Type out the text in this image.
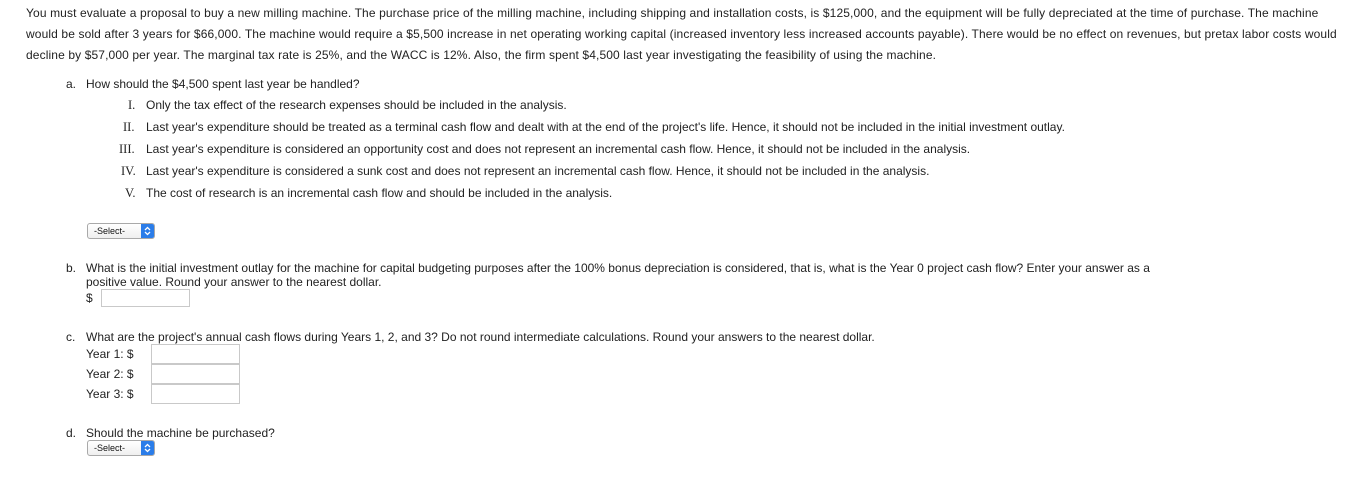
You must evaluate a proposal to buy a new milling machine. The purchase price of the milling machine, including shipping and installation costs, is $125,000, and the equipment will be fully depreciated at the time of purchase. The machine would be sold after 3 years for $66,000. The machine would require a $5,500 increase in net operating working capital (increased inventory less increased accounts payable). There would be no effect on revenues, but pretax labor costs would decline by $57,000 per year. The marginal tax rate is 25%, and the WACC is 12%. Also, the firm spent $4,500 last year investigating the feasibility of using the machine.

a. How should the $4,500 spent last year be handled?
I. Only the tax effect of the research expenses should be included in the analysis.
II. Last year's expenditure should be treated as a terminal cash flow and dealt with at the end of the project's life. Hence, it should not be included in the initial investment outlay.
III. Last year's expenditure is considered an opportunity cost and does not represent an incremental cash flow. Hence, it should not be included in the analysis.
IV. Last year's expenditure is considered a sunk cost and does not represent an incremental cash flow. Hence, it should not be included in the analysis.
V. The cost of research is an incremental cash flow and should be included in the analysis.
-Select-
b. What is the initial investment outlay for the machine for capital budgeting purposes after the 100% bonus depreciation is considered, that is, what is the Year 0 project cash flow? Enter your answer as a
positive value. Round your answer to the nearest dollar.
$
c. What are the project's annual cash flows during Years 1, 2, and 3? Do not round intermediate calculations. Round your answers to the nearest dollar.
Year 1: $
Year 2: $
Year 3: $
d. Should the machine be purchased?
-Select-
